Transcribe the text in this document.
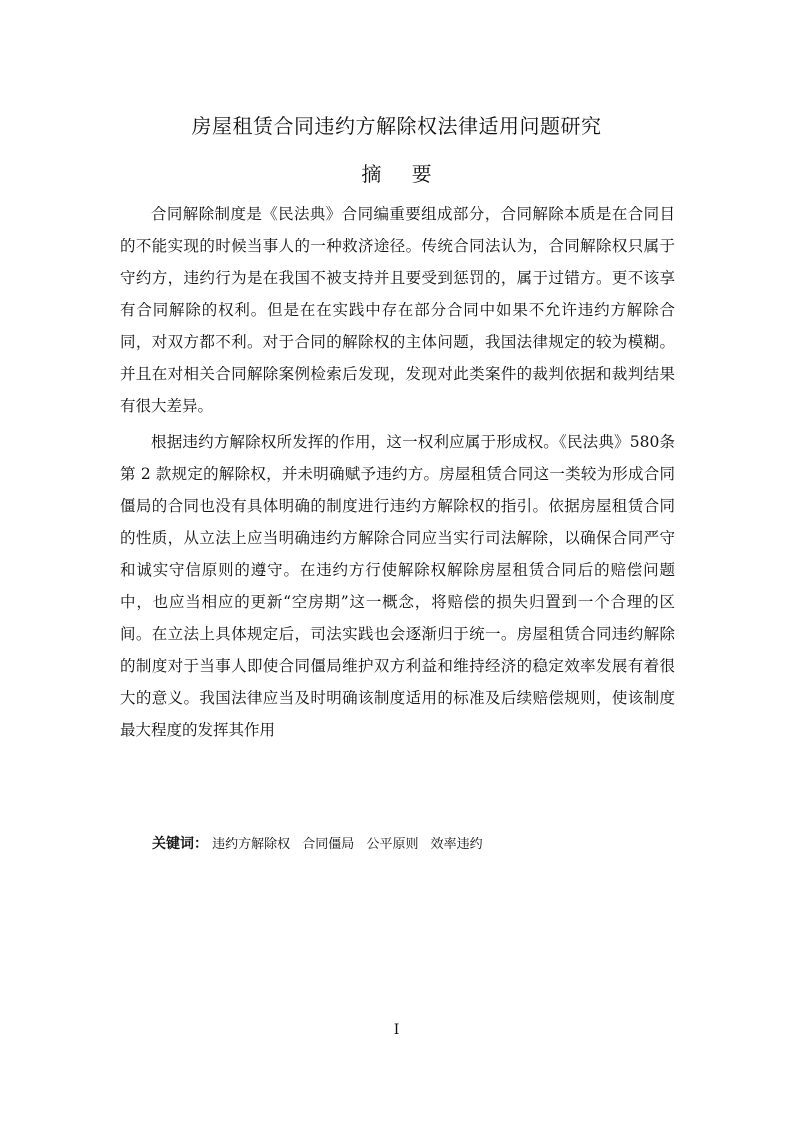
房屋租赁合同违约方解除权法律适用问题研究
摘 要

合同解除制度是《民法典》合同编重要组成部分，合同解除本质是在合同目的不能实现的时候当事人的一种救济途径。传统合同法认为，合同解除权只属于守约方，违约行为是在我国不被支持并且要受到惩罚的，属于过错方。更不该享有合同解除的权利。但是在在实践中存在部分合同中如果不允许违约方解除合同，对双方都不利。对于合同的解除权的主体问题，我国法律规定的较为模糊。并且在对相关合同解除案例检索后发现，发现对此类案件的裁判依据和裁判结果有很大差异。

根据违约方解除权所发挥的作用，这一权利应属于形成权。《民法典》580条第 2 款规定的解除权，并未明确赋予违约方。房屋租赁合同这一类较为形成合同僵局的合同也没有具体明确的制度进行违约方解除权的指引。依据房屋租赁合同的性质，从立法上应当明确违约方解除合同应当实行司法解除，以确保合同严守和诚实守信原则的遵守。在违约方行使解除权解除房屋租赁合同后的赔偿问题中，也应当相应的更新“空房期”这一概念，将赔偿的损失归置到一个合理的区间。在立法上具体规定后，司法实践也会逐渐归于统一。房屋租赁合同违约解除的制度对于当事人即使合同僵局维护双方利益和维持经济的稳定效率发展有着很大的意义。我国法律应当及时明确该制度适用的标准及后续赔偿规则，使该制度最大程度的发挥其作用

关键词： 违约方解除权 合同僵局 公平原则 效率违约
I
